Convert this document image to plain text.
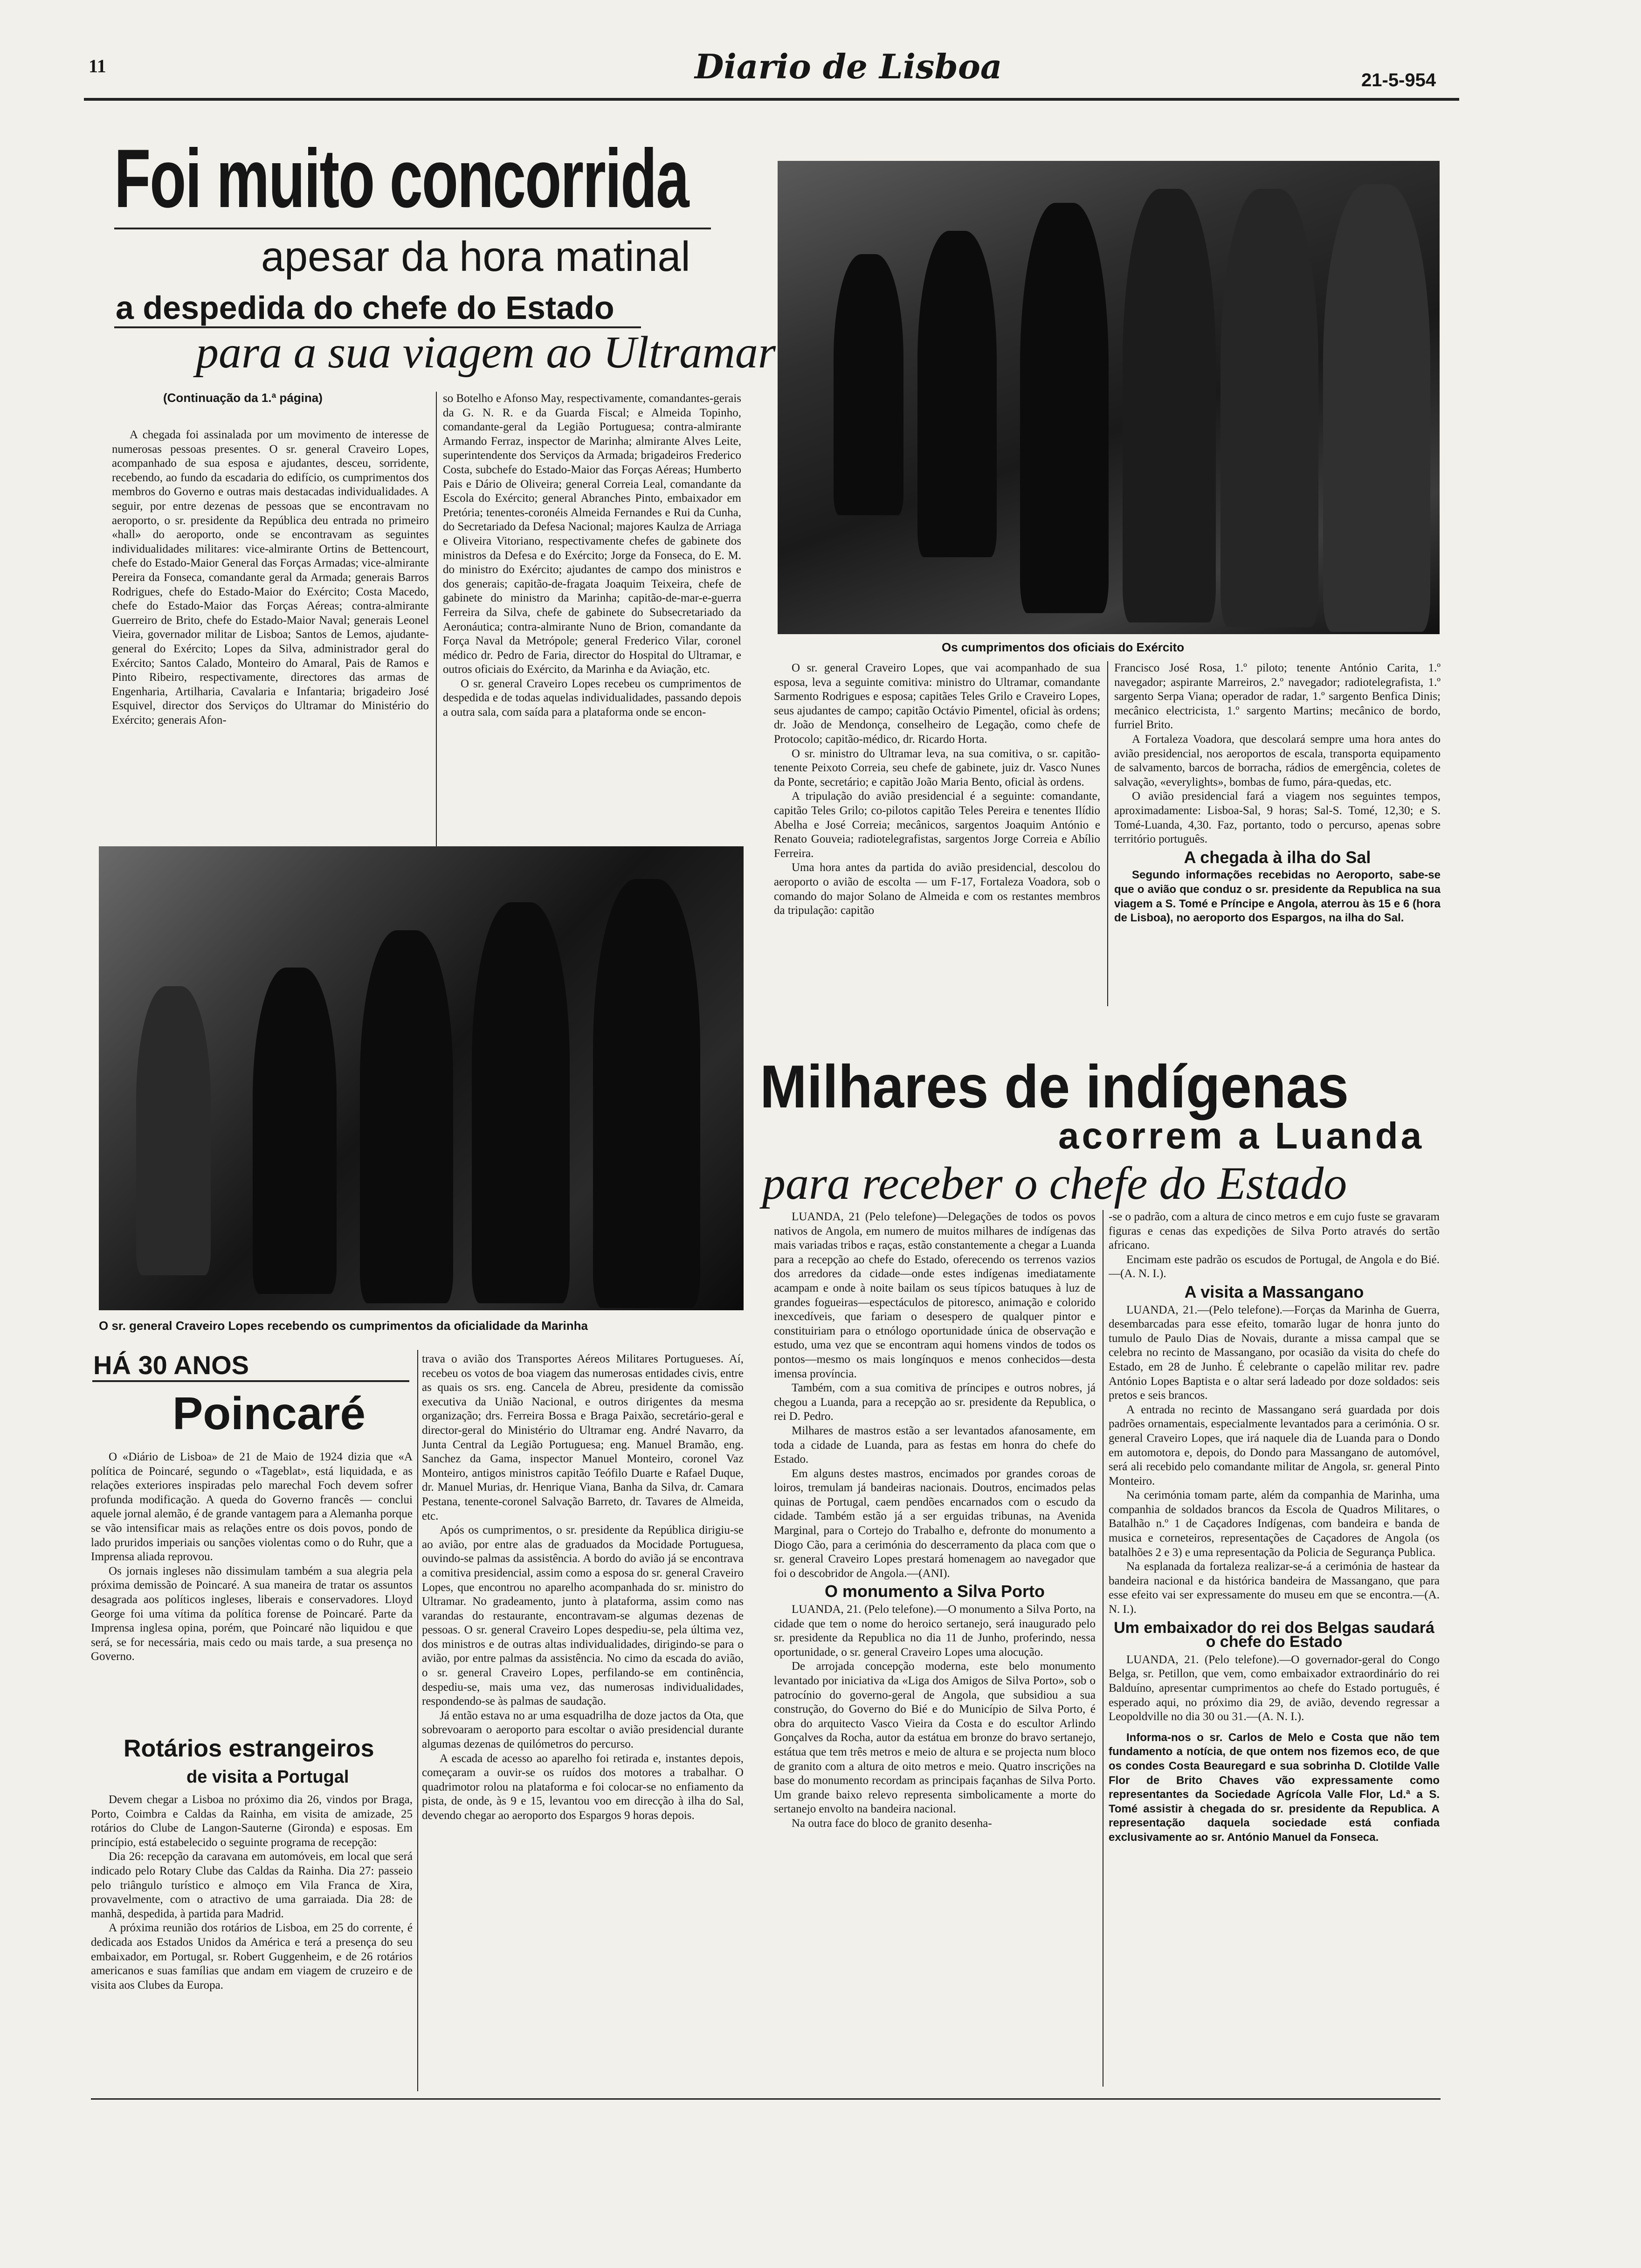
11	Diario de Lisboa	21-5-954
Foi muito concorrida
apesar da hora matinal
a despedida do chefe do Estado
para a sua viagem ao Ultramar
(Continuação da 1.ª página)

A chegada foi assinalada por um movimento de interesse de numerosas pessoas presentes. O sr. general Craveiro Lopes, acompanhado de sua esposa e ajudantes, desceu, sorridente, recebendo, ao fundo da escadaria do edifício, os cumprimentos dos membros do Governo e outras mais destacadas individualidades. A seguir, por entre dezenas de pessoas que se encontravam no aeroporto, o sr. presidente da República deu entrada no primeiro «hall» do aeroporto, onde se encontravam as seguintes individualidades militares: vice-almirante Ortins de Bettencourt, chefe do Estado-Maior General das Forças Armadas; vice-almirante Pereira da Fonseca, comandante geral da Armada; generais Barros Rodrigues, chefe do Estado-Maior do Exército; Costa Macedo, chefe do Estado-Maior das Forças Aéreas; contra-almirante Guerreiro de Brito, chefe do Estado-Maior Naval; generais Leonel Vieira, governador militar de Lisboa; Santos de Lemos, ajudante-general do Exército; Lopes da Silva, administrador geral do Exército; Santos Calado, Monteiro do Amaral, Pais de Ramos e Pinto Ribeiro, respectivamente, directores das armas de Engenharia, Artilharia, Cavalaria e Infantaria; brigadeiro José Esquivel, director dos Serviços do Ultramar do Ministério do Exército; generais Afon-

so Botelho e Afonso May, respectivamente, comandantes-gerais da G. N. R. e da Guarda Fiscal; e Almeida Topinho, comandante-geral da Legião Portuguesa; contra-almirante Armando Ferraz, inspector de Marinha; almirante Alves Leite, superintendente dos Serviços da Armada; brigadeiros Frederico Costa, subchefe do Estado-Maior das Forças Aéreas; Humberto Pais e Dário de Oliveira; general Correia Leal, comandante da Escola do Exército; general Abranches Pinto, embaixador em Pretória; tenentes-coronéis Almeida Fernandes e Rui da Cunha, do Secretariado da Defesa Nacional; majores Kaulza de Arriaga e Oliveira Vitoriano, respectivamente chefes de gabinete dos ministros da Defesa e do Exército; Jorge da Fonseca, do E. M. do ministro do Exército; ajudantes de campo dos ministros e dos generais; capitão-de-fragata Joaquim Teixeira, chefe de gabinete do ministro da Marinha; capitão-de-mar-e-guerra Ferreira da Silva, chefe de gabinete do Subsecretariado da Aeronáutica; contra-almirante Nuno de Brion, comandante da Força Naval da Metrópole; general Frederico Vilar, coronel médico dr. Pedro de Faria, director do Hospital do Ultramar, e outros oficiais do Exército, da Marinha e da Aviação, etc.

O sr. general Craveiro Lopes recebeu os cumprimentos de despedida e de todas aquelas individualidades, passando depois a outra sala, com saída para a plataforma onde se encon-

Os cumprimentos dos oficiais do Exército

O sr. general Craveiro Lopes, que vai acompanhado de sua esposa, leva a seguinte comitiva: ministro do Ultramar, comandante Sarmento Rodrigues e esposa; capitães Teles Grilo e Craveiro Lopes, seus ajudantes de campo; capitão Octávio Pimentel, oficial às ordens; dr. João de Mendonça, conselheiro de Legação, como chefe de Protocolo; capitão-médico, dr. Ricardo Horta.

O sr. ministro do Ultramar leva, na sua comitiva, o sr. capitão-tenente Peixoto Correia, seu chefe de gabinete, juiz dr. Vasco Nunes da Ponte, secretário; e capitão João Maria Bento, oficial às ordens.

A tripulação do avião presidencial é a seguinte: comandante, capitão Teles Grilo; co-pilotos capitão Teles Pereira e tenentes Ilídio Abelha e José Correia; mecânicos, sargentos Joaquim António e Renato Gouveia; radiotelegrafistas, sargentos Jorge Correia e Abílio Ferreira.

Uma hora antes da partida do avião presidencial, descolou do aeroporto o avião de escolta — um F-17, Fortaleza Voadora, sob o comando do major Solano de Almeida e com os restantes membros da tripulação: capitão

Francisco José Rosa, 1.º piloto; tenente António Carita, 1.º navegador; aspirante Marreiros, 2.º navegador; radiotelegrafista, 1.º sargento Serpa Viana; operador de radar, 1.º sargento Benfica Dinis; mecânico electricista, 1.º sargento Martins; mecânico de bordo, furriel Brito.

A Fortaleza Voadora, que descolará sempre uma hora antes do avião presidencial, nos aeroportos de escala, transporta equipamento de salvamento, barcos de borracha, rádios de emergência, coletes de salvação, «everylights», bombas de fumo, pára-quedas, etc.

O avião presidencial fará a viagem nos seguintes tempos, aproximadamente: Lisboa-Sal, 9 horas; Sal-S. Tomé, 12,30; e S. Tomé-Luanda, 4,30. Faz, portanto, todo o percurso, apenas sobre território português.

A chegada à ilha do Sal

Segundo informações recebidas no Aeroporto, sabe-se que o avião que conduz o sr. presidente da Republica na sua viagem a S. Tomé e Príncipe e Angola, aterrou às 15 e 6 (hora de Lisboa), no aeroporto dos Espargos, na ilha do Sal.

O sr. general Craveiro Lopes recebendo os cumprimentos da oficialidade da Marinha
HÁ 30 ANOS
Poincaré

O «Diário de Lisboa» de 21 de Maio de 1924 dizia que «A política de Poincaré, segundo o «Tageblat», está liquidada, e as relações exteriores inspiradas pelo marechal Foch devem sofrer profunda modificação. A queda do Governo francês — conclui aquele jornal alemão, é de grande vantagem para a Alemanha porque se vão intensificar mais as relações entre os dois povos, pondo de lado pruridos imperiais ou sanções violentas como o do Ruhr, que a Imprensa aliada reprovou.

Os jornais ingleses não dissimulam também a sua alegria pela próxima demissão de Poincaré. A sua maneira de tratar os assuntos desagrada aos políticos ingleses, liberais e conservadores. Lloyd George foi uma vítima da política forense de Poincaré. Parte da Imprensa inglesa opina, porém, que Poincaré não liquidou e que será, se for necessária, mais cedo ou mais tarde, a sua presença no Governo.

Rotários estrangeiros
de visita a Portugal

Devem chegar a Lisboa no próximo dia 26, vindos por Braga, Porto, Coimbra e Caldas da Rainha, em visita de amizade, 25 rotários do Clube de Langon-Sauterne (Gironda) e esposas. Em princípio, está estabelecido o seguinte programa de recepção:

Dia 26: recepção da caravana em automóveis, em local que será indicado pelo Rotary Clube das Caldas da Rainha. Dia 27: passeio pelo triângulo turístico e almoço em Vila Franca de Xira, provavelmente, com o atractivo de uma garraiada. Dia 28: de manhã, despedida, à partida para Madrid.

A próxima reunião dos rotários de Lisboa, em 25 do corrente, é dedicada aos Estados Unidos da América e terá a presença do seu embaixador, em Portugal, sr. Robert Guggenheim, e de 26 rotários americanos e suas famílias que andam em viagem de cruzeiro e de visita aos Clubes da Europa.

trava o avião dos Transportes Aéreos Militares Portugueses. Aí, recebeu os votos de boa viagem das numerosas entidades civis, entre as quais os srs. eng. Cancela de Abreu, presidente da comissão executiva da União Nacional, e outros dirigentes da mesma organização; drs. Ferreira Bossa e Braga Paixão, secretário-geral e director-geral do Ministério do Ultramar eng. André Navarro, da Junta Central da Legião Portuguesa; eng. Manuel Bramão, eng. Sanchez da Gama, inspector Manuel Monteiro, coronel Vaz Monteiro, antigos ministros capitão Teófilo Duarte e Rafael Duque, dr. Manuel Murias, dr. Henrique Viana, Banha da Silva, dr. Camara Pestana, tenente-coronel Salvação Barreto, dr. Tavares de Almeida, etc.

Após os cumprimentos, o sr. presidente da República dirigiu-se ao avião, por entre alas de graduados da Mocidade Portuguesa, ouvindo-se palmas da assistência. A bordo do avião já se encontrava a comitiva presidencial, assim como a esposa do sr. general Craveiro Lopes, que encontrou no aparelho acompanhada do sr. ministro do Ultramar. No gradeamento, junto à plataforma, assim como nas varandas do restaurante, encontravam-se algumas dezenas de pessoas. O sr. general Craveiro Lopes despediu-se, pela última vez, dos ministros e de outras altas individualidades, dirigindo-se para o avião, por entre palmas da assistência. No cimo da escada do avião, o sr. general Craveiro Lopes, perfilando-se em continência, despediu-se, mais uma vez, das numerosas individualidades, respondendo-se às palmas de saudação.

Já então estava no ar uma esquadrilha de doze jactos da Ota, que sobrevoaram o aeroporto para escoltar o avião presidencial durante algumas dezenas de quilómetros do percurso.

A escada de acesso ao aparelho foi retirada e, instantes depois, começaram a ouvir-se os ruídos dos motores a trabalhar. O quadrimotor rolou na plataforma e foi colocar-se no enfiamento da pista, de onde, às 9 e 15, levantou voo em direcção à ilha do Sal, devendo chegar ao aeroporto dos Espargos 9 horas depois.

Milhares de indígenas
acorrem a Luanda
para receber o chefe do Estado

LUANDA, 21 (Pelo telefone)—Delegações de todos os povos nativos de Angola, em numero de muitos milhares de indígenas das mais variadas tribos e raças, estão constantemente a chegar a Luanda para a recepção ao chefe do Estado, oferecendo os terrenos vazios dos arredores da cidade—onde estes indígenas imediatamente acampam e onde à noite bailam os seus típicos batuques à luz de grandes fogueiras—espectáculos de pitoresco, animação e colorido inexcedíveis, que fariam o desespero de qualquer pintor e constituiriam para o etnólogo oportunidade única de observação e estudo, uma vez que se encontram aqui homens vindos de todos os pontos—mesmo os mais longínquos e menos conhecidos—desta imensa província.

Também, com a sua comitiva de príncipes e outros nobres, já chegou a Luanda, para a recepção ao sr. presidente da Republica, o rei D. Pedro.

Milhares de mastros estão a ser levantados afanosamente, em toda a cidade de Luanda, para as festas em honra do chefe do Estado.

Em alguns destes mastros, encimados por grandes coroas de loiros, tremulam já bandeiras nacionais. Doutros, encimados pelas quinas de Portugal, caem pendões encarnados com o escudo da cidade. Também estão já a ser erguidas tribunas, na Avenida Marginal, para o Cortejo do Trabalho e, defronte do monumento a Diogo Cão, para a cerimónia do descerramento da placa com que o sr. general Craveiro Lopes prestará homenagem ao navegador que foi o descobridor de Angola.—(ANI).

O monumento a Silva Porto

LUANDA, 21. (Pelo telefone).—O monumento a Silva Porto, na cidade que tem o nome do heroico sertanejo, será inaugurado pelo sr. presidente da Republica no dia 11 de Junho, proferindo, nessa oportunidade, o sr. general Craveiro Lopes uma alocução.

De arrojada concepção moderna, este belo monumento levantado por iniciativa da «Liga dos Amigos de Silva Porto», sob o patrocínio do governo-geral de Angola, que subsidiou a sua construção, do Governo do Bié e do Município de Silva Porto, é obra do arquitecto Vasco Vieira da Costa e do escultor Arlindo Gonçalves da Rocha, autor da estátua em bronze do bravo sertanejo, estátua que tem três metros e meio de altura e se projecta num bloco de granito com a altura de oito metros e meio. Quatro inscrições na base do monumento recordam as principais façanhas de Silva Porto. Um grande baixo relevo representa simbolicamente a morte do sertanejo envolto na bandeira nacional.

Na outra face do bloco de granito desenha-

-se o padrão, com a altura de cinco metros e em cujo fuste se gravaram figuras e cenas das expedições de Silva Porto através do sertão africano.

Encimam este padrão os escudos de Portugal, de Angola e do Bié.—(A. N. I.).

A visita a Massangano

LUANDA, 21.—(Pelo telefone).—Forças da Marinha de Guerra, desembarcadas para esse efeito, tomarão lugar de honra junto do tumulo de Paulo Dias de Novais, durante a missa campal que se celebra no recinto de Massangano, por ocasião da visita do chefe do Estado, em 28 de Junho. É celebrante o capelão militar rev. padre António Lopes Baptista e o altar será ladeado por doze soldados: seis pretos e seis brancos.

A entrada no recinto de Massangano será guardada por dois padrões ornamentais, especialmente levantados para a cerimónia. O sr. general Craveiro Lopes, que irá naquele dia de Luanda para o Dondo em automotora e, depois, do Dondo para Massangano de automóvel, será ali recebido pelo comandante militar de Angola, sr. general Pinto Monteiro.

Na cerimónia tomam parte, além da companhia de Marinha, uma companhia de soldados brancos da Escola de Quadros Militares, o Batalhão n.º 1 de Caçadores Indígenas, com bandeira e banda de musica e corneteiros, representações de Caçadores de Angola (os batalhões 2 e 3) e uma representação da Policia de Segurança Publica.

Na esplanada da fortaleza realizar-se-á a cerimónia de hastear da bandeira nacional e da histórica bandeira de Massangano, que para esse efeito vai ser expressamente do museu em que se encontra.—(A. N. I.).

Um embaixador do rei dos Belgas saudará o chefe do Estado

LUANDA, 21. (Pelo telefone).—O governador-geral do Congo Belga, sr. Petillon, que vem, como embaixador extraordinário do rei Balduíno, apresentar cumprimentos ao chefe do Estado português, é esperado aqui, no próximo dia 29, de avião, devendo regressar a Leopoldville no dia 30 ou 31.—(A. N. I.).

Informa-nos o sr. Carlos de Melo e Costa que não tem fundamento a notícia, de que ontem nos fizemos eco, de que os condes Costa Beauregard e sua sobrinha D. Clotilde Valle Flor de Brito Chaves vão expressamente como representantes da Sociedade Agrícola Valle Flor, Ld.ª a S. Tomé assistir à chegada do sr. presidente da Republica. A representação daquela sociedade está confiada exclusivamente ao sr. António Manuel da Fonseca.
